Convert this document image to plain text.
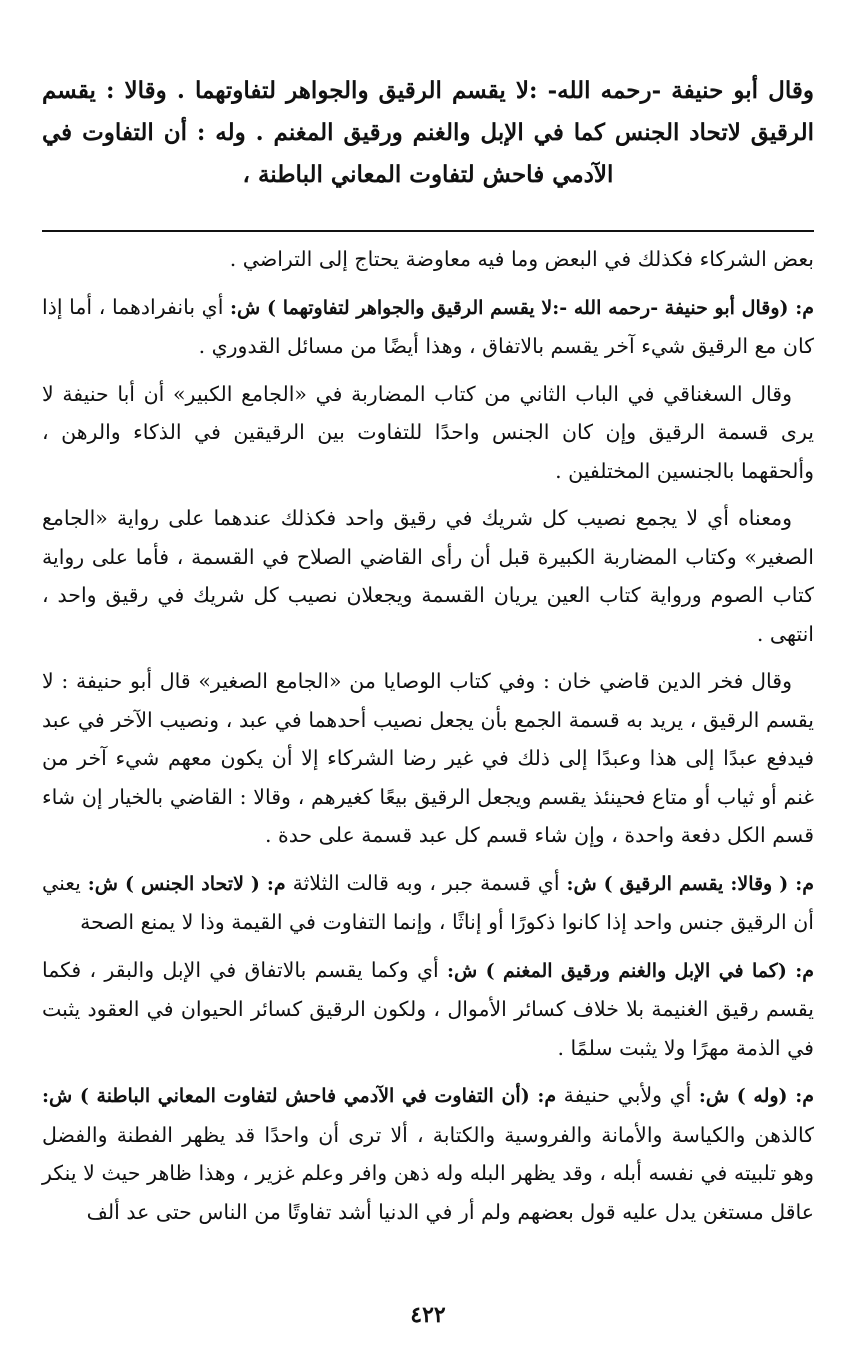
وقال أبو حنيفة -رحمه الله- :لا يقسم الرقيق والجواهر لتفاوتهما . وقالا : يقسم الرقيق لاتحاد الجنس كما في الإبل والغنم ورقيق المغنم . وله : أن التفاوت في الآدمي فاحش لتفاوت المعاني الباطنة ،

بعض الشركاء فكذلك في البعض وما فيه معاوضة يحتاج إلى التراضي .

م: (وقال أبو حنيفة -رحمه الله -:لا يقسم الرقيق والجواهر لتفاوتهما ) ش: أي بانفرادهما ، أما إذا كان مع الرقيق شيء آخر يقسم بالاتفاق ، وهذا أيضًا من مسائل القدوري .

وقال السغناقي في الباب الثاني من كتاب المضاربة في «الجامع الكبير» أن أبا حنيفة لا يرى قسمة الرقيق وإن كان الجنس واحدًا للتفاوت بين الرقيقين في الذكاء والرهن ، وألحقهما بالجنسين المختلفين .

ومعناه أي لا يجمع نصيب كل شريك في رقيق واحد فكذلك عندهما على رواية «الجامع الصغير» وكتاب المضاربة الكبيرة قبل أن رأى القاضي الصلاح في القسمة ، فأما على رواية كتاب الصوم ورواية كتاب العين يريان القسمة ويجعلان نصيب كل شريك في رقيق واحد ، انتهى .

وقال فخر الدين قاضي خان : وفي كتاب الوصايا من «الجامع الصغير» قال أبو حنيفة : لا يقسم الرقيق ، يريد به قسمة الجمع بأن يجعل نصيب أحدهما في عبد ، ونصيب الآخر في عبد فيدفع عبدًا إلى هذا وعبدًا إلى ذلك في غير رضا الشركاء إلا أن يكون معهم شيء آخر من غنم أو ثياب أو متاع فحينئذ يقسم ويجعل الرقيق بيعًا كغيرهم ، وقالا : القاضي بالخيار إن شاء قسم الكل دفعة واحدة ، وإن شاء قسم كل عبد قسمة على حدة .

م: ( وقالا: يقسم الرقيق ) ش: أي قسمة جبر ، وبه قالت الثلاثة م: ( لاتحاد الجنس ) ش: يعني أن الرقيق جنس واحد إذا كانوا ذكورًا أو إناثًا ، وإنما التفاوت في القيمة وذا لا يمنع الصحة

م: (كما في الإبل والغنم ورقيق المغنم ) ش: أي وكما يقسم بالاتفاق في الإبل والبقر ، فكما يقسم رقيق الغنيمة بلا خلاف كسائر الأموال ، ولكون الرقيق كسائر الحيوان في العقود يثبت في الذمة مهرًا ولا يثبت سلمًا .

م: (وله ) ش: أي ولأبي حنيفة م: (أن التفاوت في الآدمي فاحش لتفاوت المعاني الباطنة ) ش: كالذهن والكياسة والأمانة والفروسية والكتابة ، ألا ترى أن واحدًا قد يظهر الفطنة والفضل وهو تلبيته في نفسه أبله ، وقد يظهر البله وله ذهن وافر وعلم غزير ، وهذا ظاهر حيث لا ينكر عاقل مستغن يدل عليه قول بعضهم ولم أر في الدنيا أشد تفاوتًا من الناس حتى عد ألف

٤٢٢
